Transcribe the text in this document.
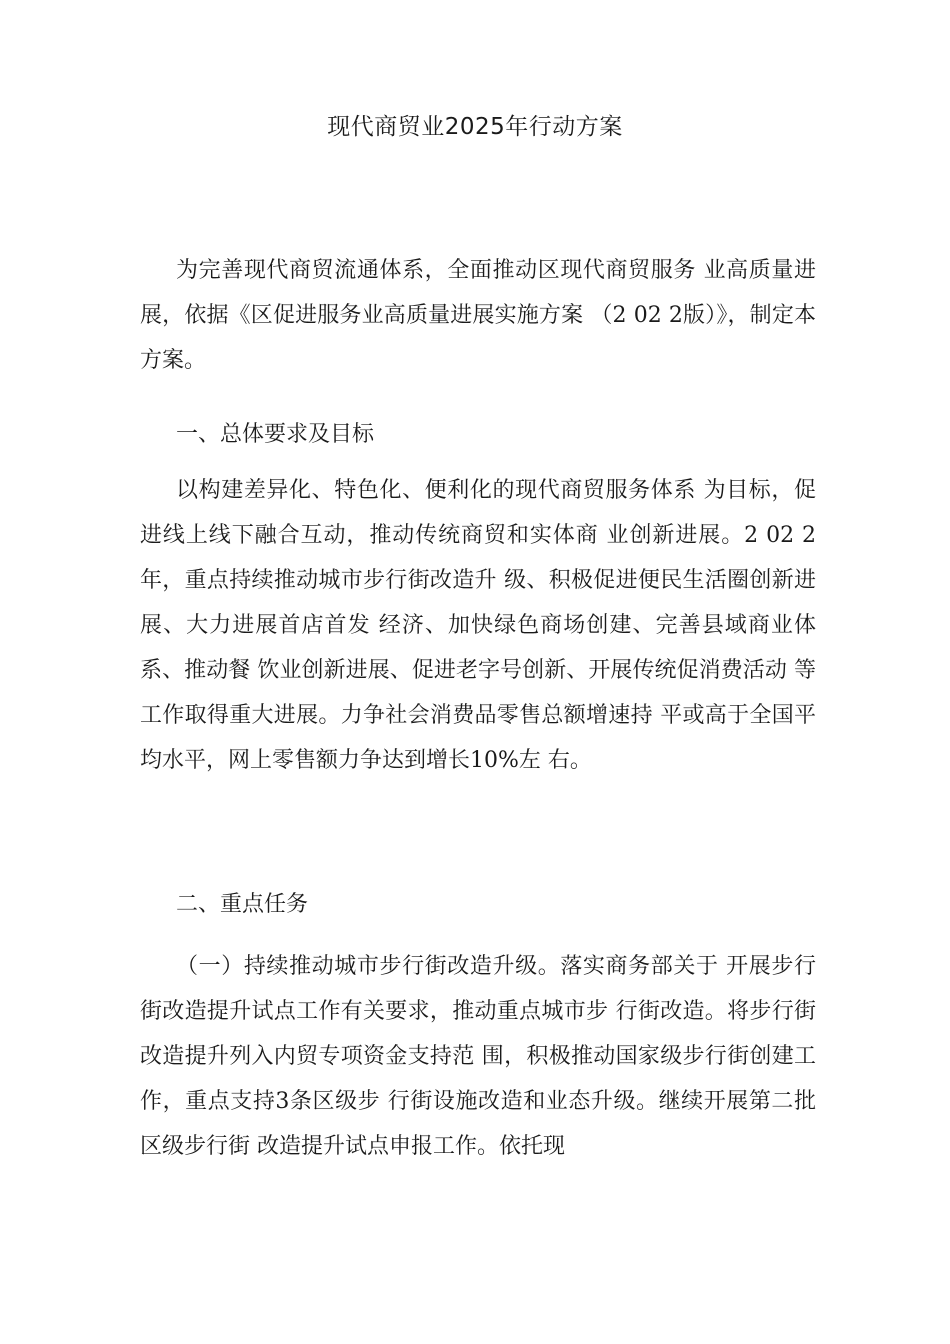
现代商贸业2025年行动方案

为完善现代商贸流通体系，全面推动区现代商贸服务 业高质量进展，依据《区促进服务业高质量进展实施方案 （2 02 2版）》，制定本方案。

一、总体要求及目标

以构建差异化、特色化、便利化的现代商贸服务体系 为目标，促进线上线下融合互动，推动传统商贸和实体商 业创新进展。2 02 2年，重点持续推动城市步行街改造升 级、积极促进便民生活圈创新进展、大力进展首店首发 经济、加快绿色商场创建、完善县域商业体系、推动餐 饮业创新进展、促进老字号创新、开展传统促消费活动 等工作取得重大进展。力争社会消费品零售总额增速持 平或高于全国平均水平，网上零售额力争达到增长10%左 右。

二、重点任务

（一）持续推动城市步行街改造升级。落实商务部关于 开展步行街改造提升试点工作有关要求，推动重点城市步 行街改造。将步行街改造提升列入内贸专项资金支持范 围，积极推动国家级步行街创建工作，重点支持3条区级步 行街设施改造和业态升级。继续开展第二批区级步行街 改造提升试点申报工作。依托现
